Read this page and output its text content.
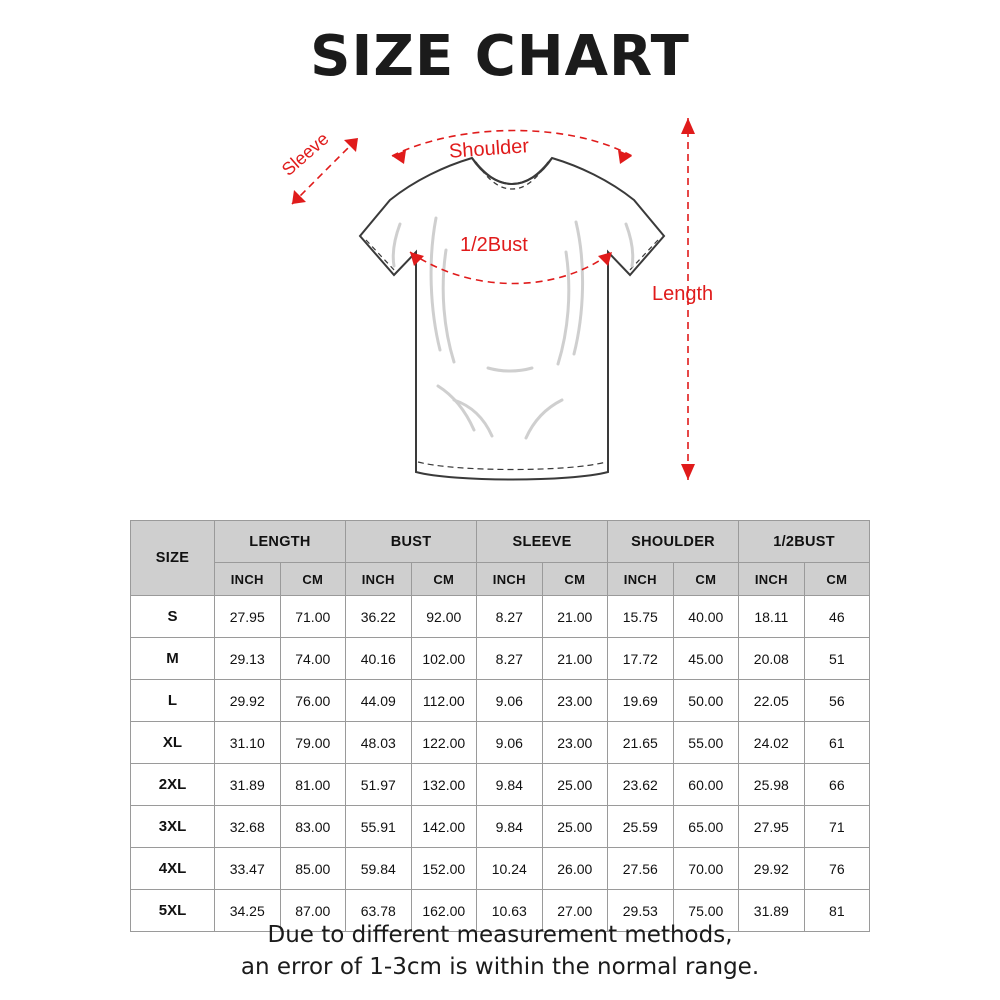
SIZE CHART
Sleeve	Shoulder
1/2Bust
Length
SIZE	LENGTH		BUST		SLEEVE		SHOULDER		1/2BUST	
	INCH	CM	INCH	CM	INCH	CM	INCH	CM	INCH	CM
S	27.95	71.00	36.22	92.00	8.27	21.00	15.75	40.00	18.11	46
M	29.13	74.00	40.16	102.00	8.27	21.00	17.72	45.00	20.08	51
L	29.92	76.00	44.09	112.00	9.06	23.00	19.69	50.00	22.05	56
XL	31.10	79.00	48.03	122.00	9.06	23.00	21.65	55.00	24.02	61
2XL	31.89	81.00	51.97	132.00	9.84	25.00	23.62	60.00	25.98	66
3XL	32.68	83.00	55.91	142.00	9.84	25.00	25.59	65.00	27.95	71
4XL	33.47	85.00	59.84	152.00	10.24	26.00	27.56	70.00	29.92	76
5XL	34.25	87.00	63.78	162.00	10.63	27.00	29.53	75.00	31.89	81
Due to different measurement methods,
an error of 1-3cm is within the normal range.
